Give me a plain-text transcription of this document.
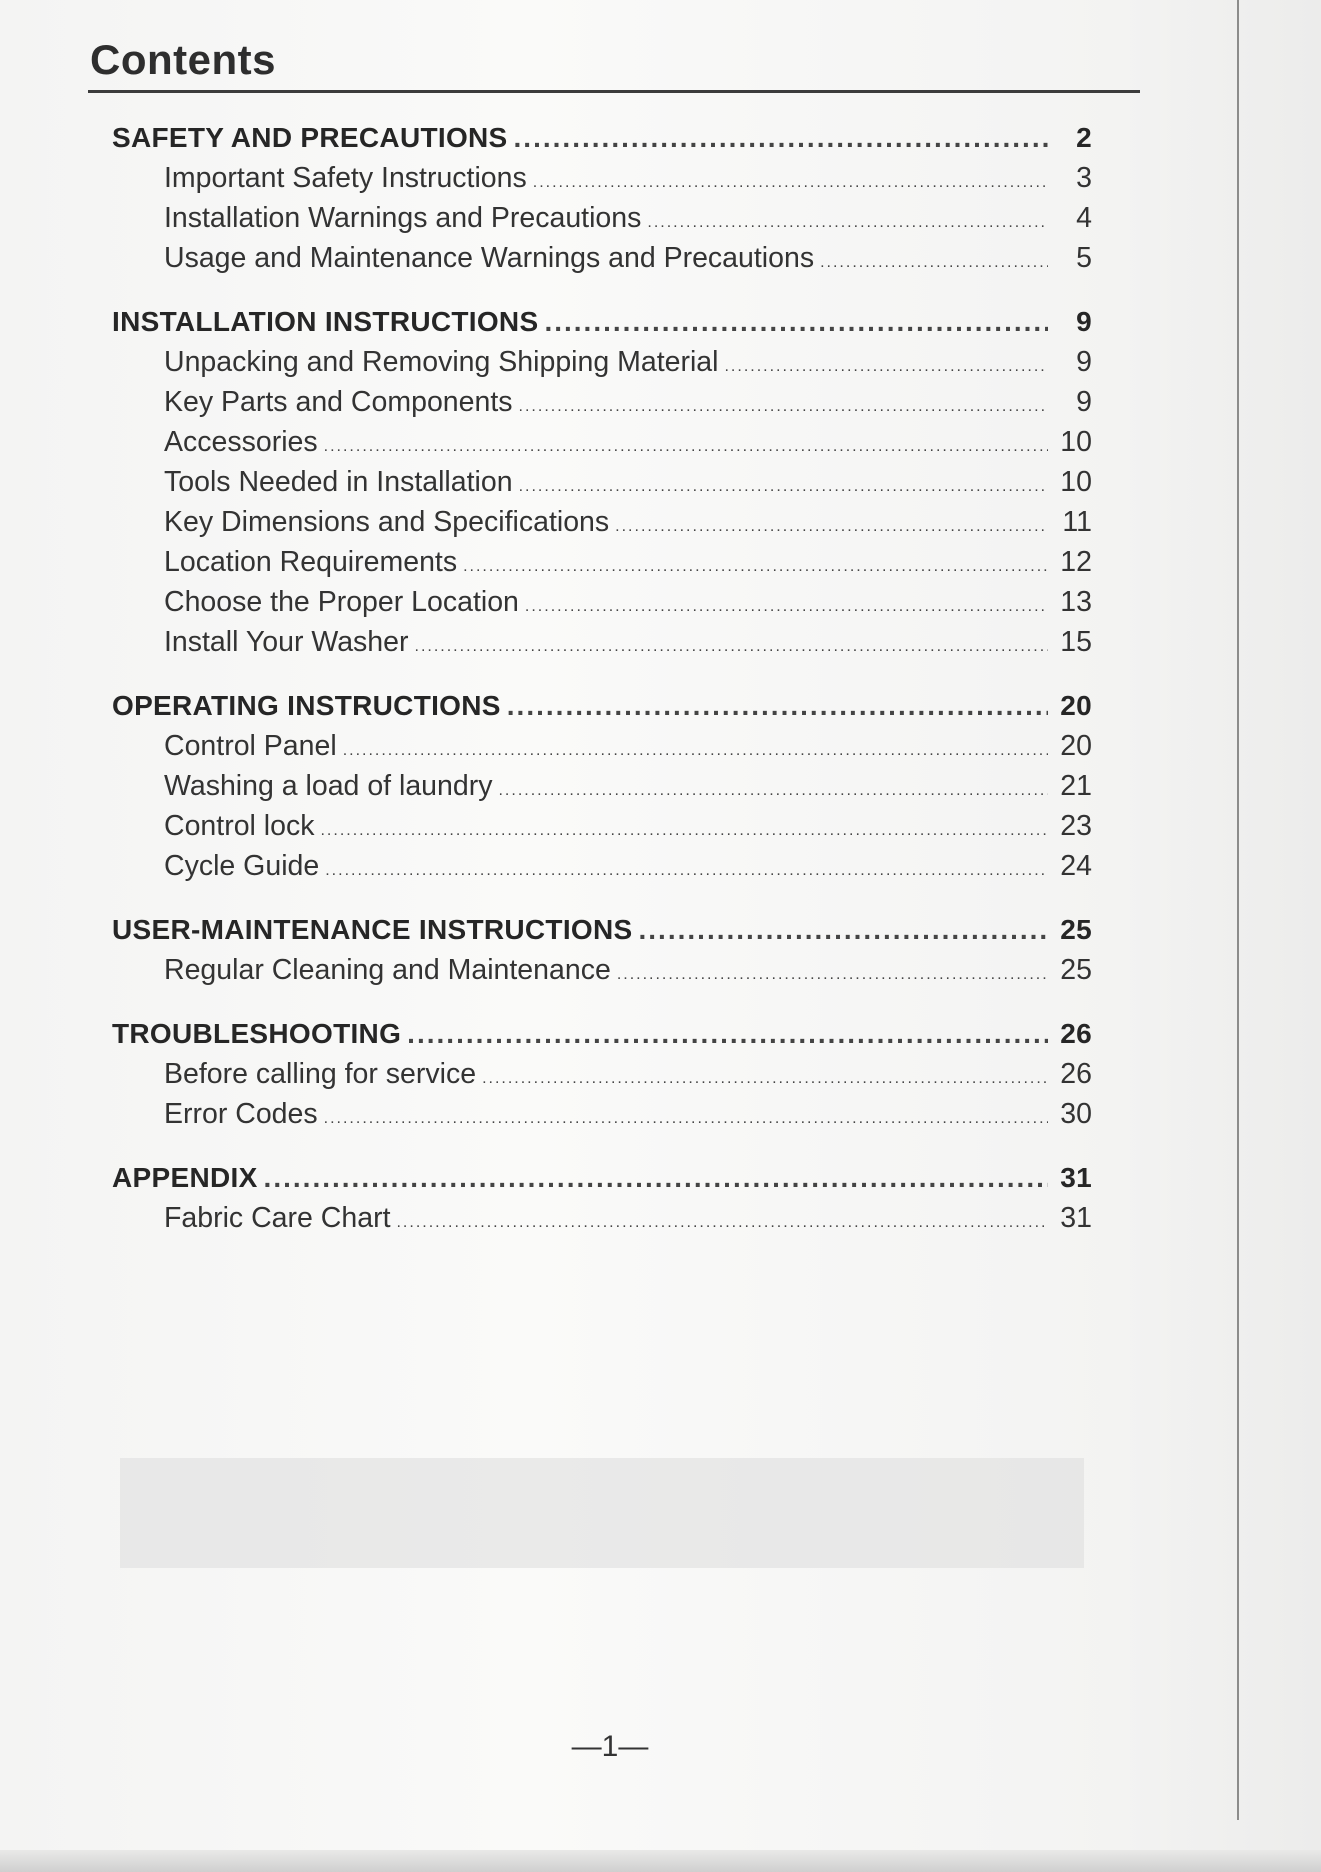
Contents
SAFETY AND PRECAUTIONS .....	2
Important Safety Instructions .....	3
Installation Warnings and Precautions .....	4
Usage and Maintenance Warnings and Precautions .....	5
INSTALLATION INSTRUCTIONS .....	9
Unpacking and Removing Shipping Material .....	9
Key Parts and Components .....	9
Accessories .....	10
Tools Needed in Installation .....	10
Key Dimensions and Specifications .....	11
Location Requirements .....	12
Choose the Proper Location .....	13
Install Your Washer .....	15
OPERATING INSTRUCTIONS .....	20
Control Panel .....	20
Washing a load of laundry .....	21
Control lock .....	23
Cycle Guide .....	24
USER-MAINTENANCE INSTRUCTIONS .....	25
Regular Cleaning and Maintenance .....	25
TROUBLESHOOTING .....	26
Before calling for service .....	26
Error Codes .....	30
APPENDIX .....	31
Fabric Care Chart .....	31
—1—
